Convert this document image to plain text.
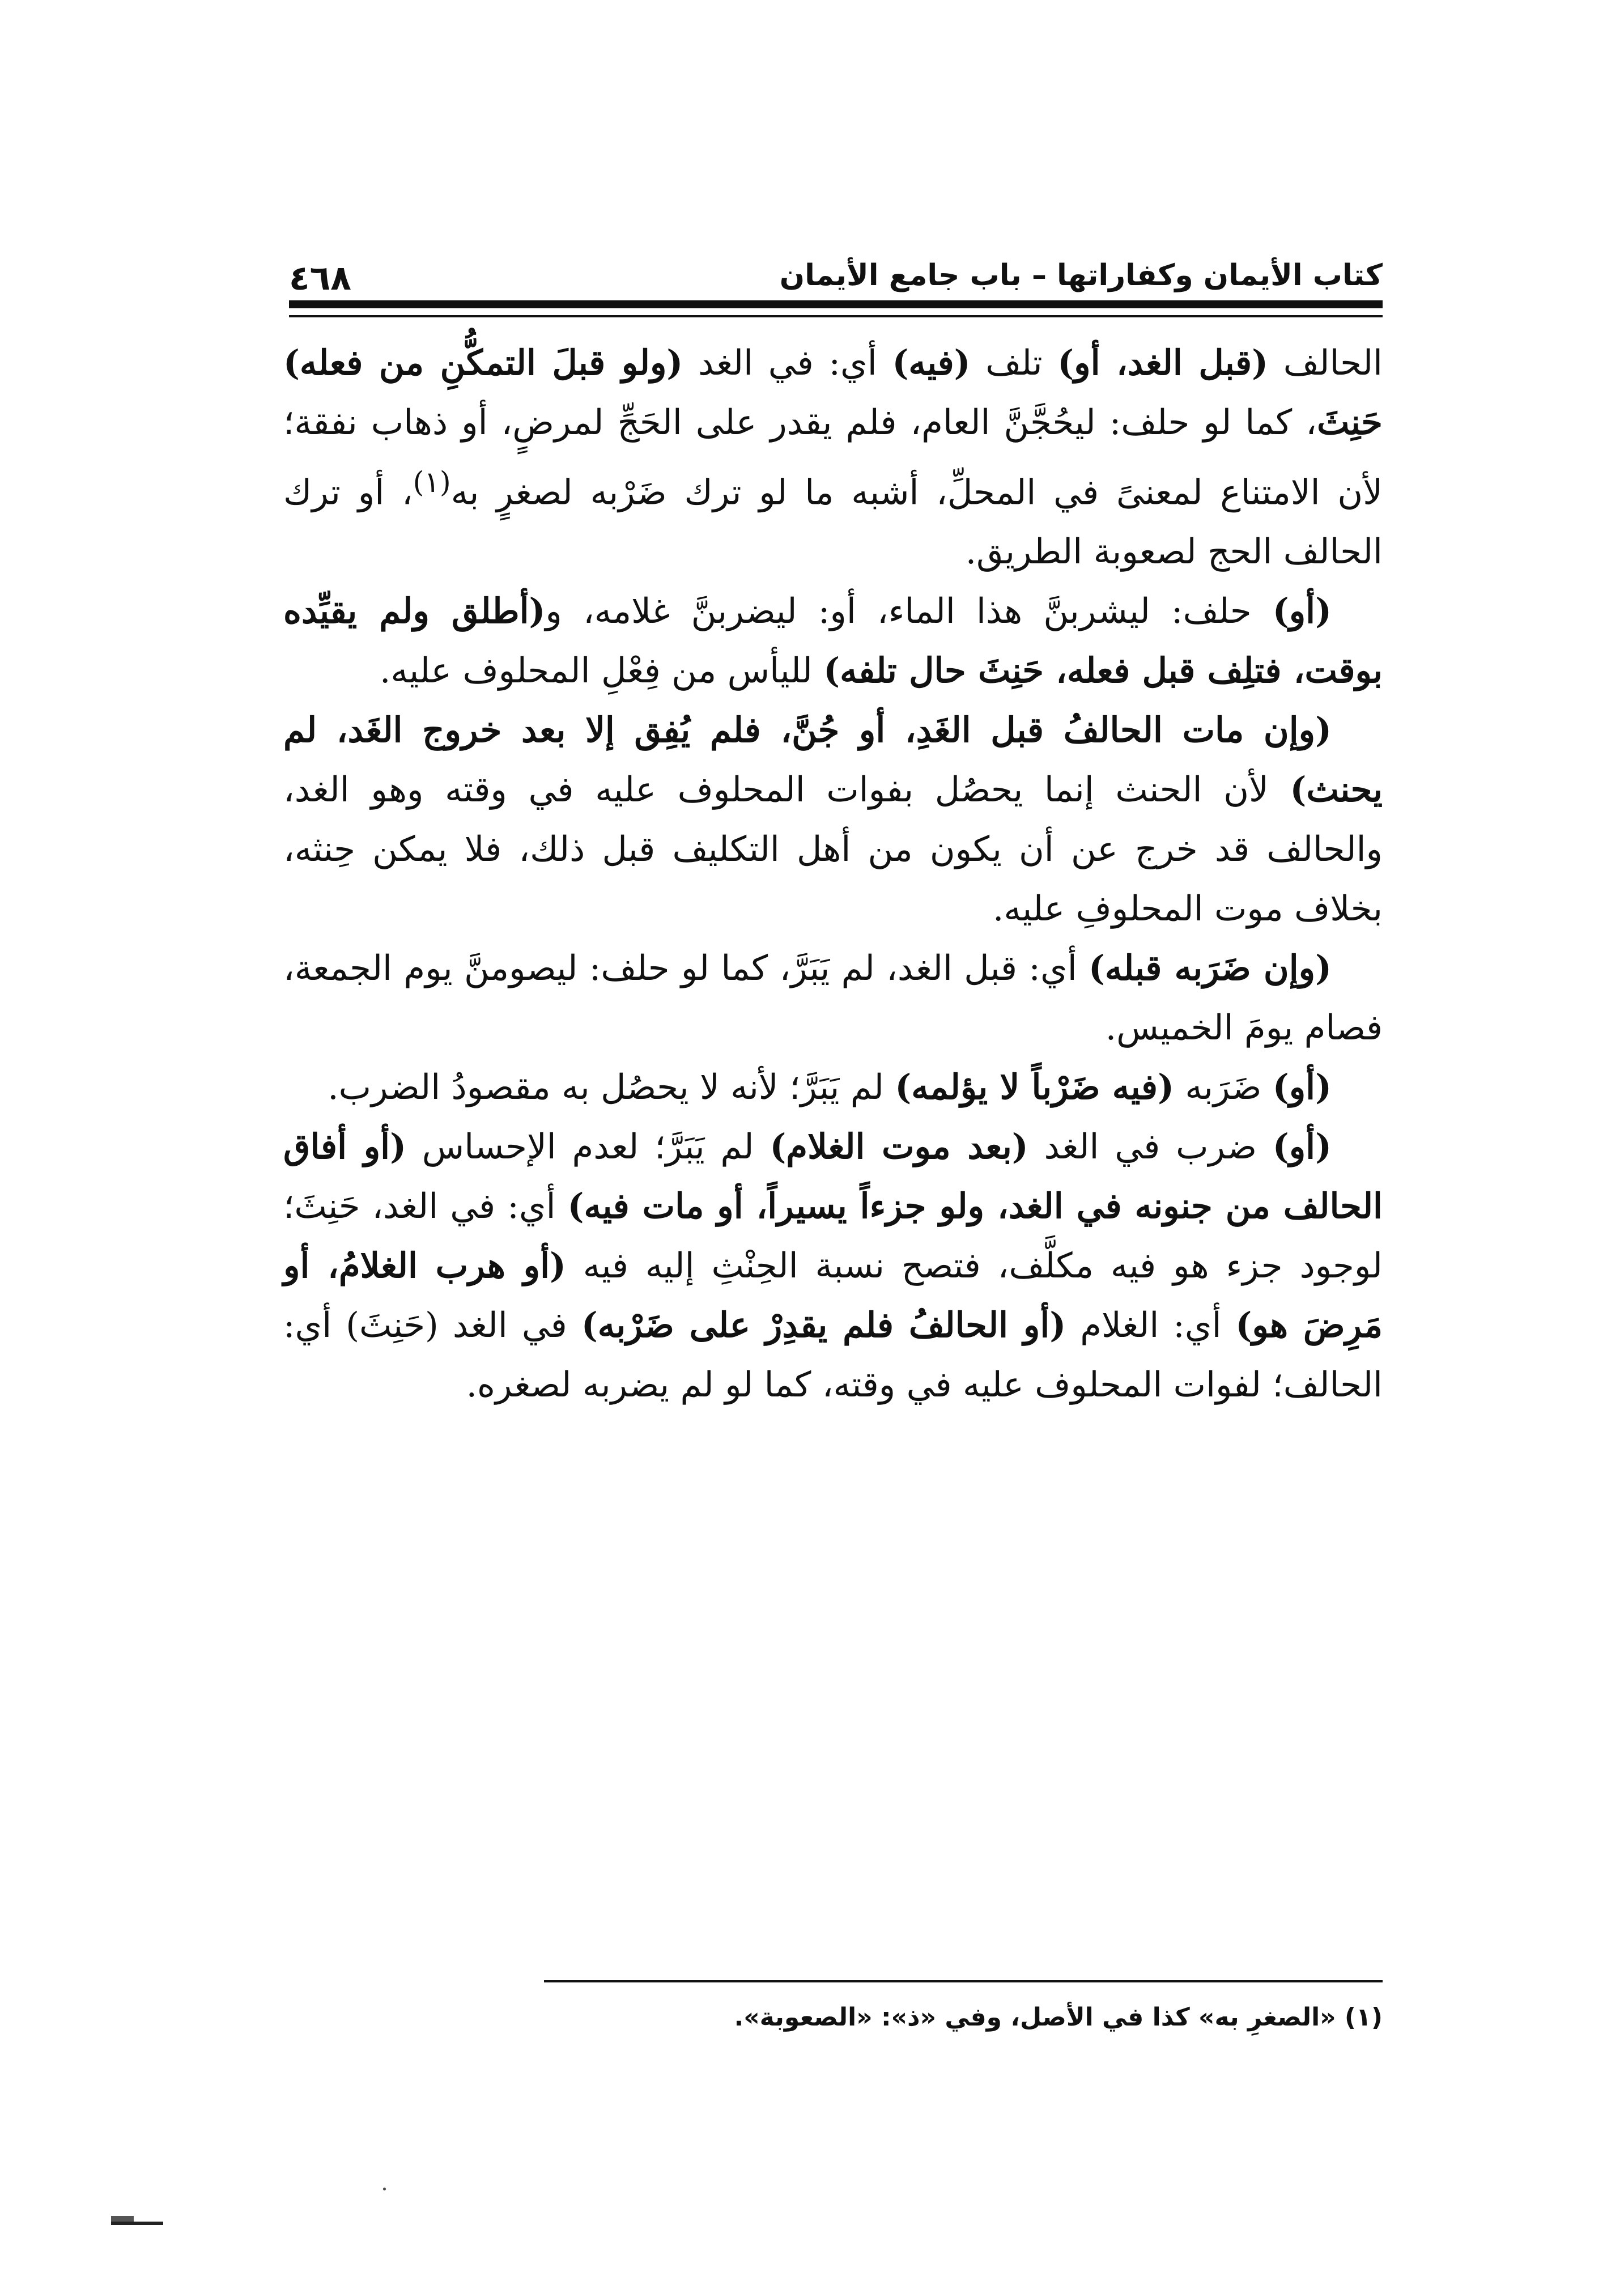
كتاب الأيمان وكفاراتها – باب جامع الأيمان
٤٦٨

الحالف (قبل الغد، أو) تلف (فيه) أي: في الغد (ولو قبلَ التمكُّنِ من فعله) حَنِثَ، كما لو حلف: ليحُجَّنَّ العام، فلم يقدر على الحَجِّ لمرضٍ، أو ذهاب نفقة؛ لأن الامتناع لمعنىً في المحلِّ، أشبه ما لو ترك ضَرْبه لصغرٍ به$^{(١)}$، أو ترك الحالف الحج لصعوبة الطريق.

(أو) حلف: ليشربنَّ هذا الماء، أو: ليضربنَّ غلامه، و(أطلق ولم يقيِّده بوقت، فتلِف قبل فعله، حَنِثَ حال تلفه) لليأس من فِعْلِ المحلوف عليه.

(وإن مات الحالفُ قبل الغَدِ، أو جُنَّ، فلم يُفِق إلا بعد خروج الغَد، لم يحنث) لأن الحنث إنما يحصُل بفوات المحلوف عليه في وقته وهو الغد، والحالف قد خرج عن أن يكون من أهل التكليف قبل ذلك، فلا يمكن حِنثه، بخلاف موت المحلوفِ عليه.

(وإن ضَرَبه قبله) أي: قبل الغد، لم يَبَرَّ، كما لو حلف: ليصومنَّ يوم الجمعة، فصام يومَ الخميس.

(أو) ضَرَبه (فيه ضَرْباً لا يؤلمه) لم يَبَرَّ؛ لأنه لا يحصُل به مقصودُ الضرب.

(أو) ضرب في الغد (بعد موت الغلام) لم يَبَرَّ؛ لعدم الإحساس (أو أفاق الحالف من جنونه في الغد، ولو جزءاً يسيراً، أو مات فيه) أي: في الغد، حَنِثَ؛ لوجود جزء هو فيه مكلَّف، فتصح نسبة الحِنْثِ إليه فيه (أو هرب الغلامُ، أو مَرِضَ هو) أي: الغلام (أو الحالفُ فلم يقدِرْ على ضَرْبه) في الغد (حَنِثَ) أي: الحالف؛ لفوات المحلوف عليه في وقته، كما لو لم يضربه لصغره.

(١) «الصغرِ به» كذا في الأصل، وفي «ذ»: «الصعوبة».
